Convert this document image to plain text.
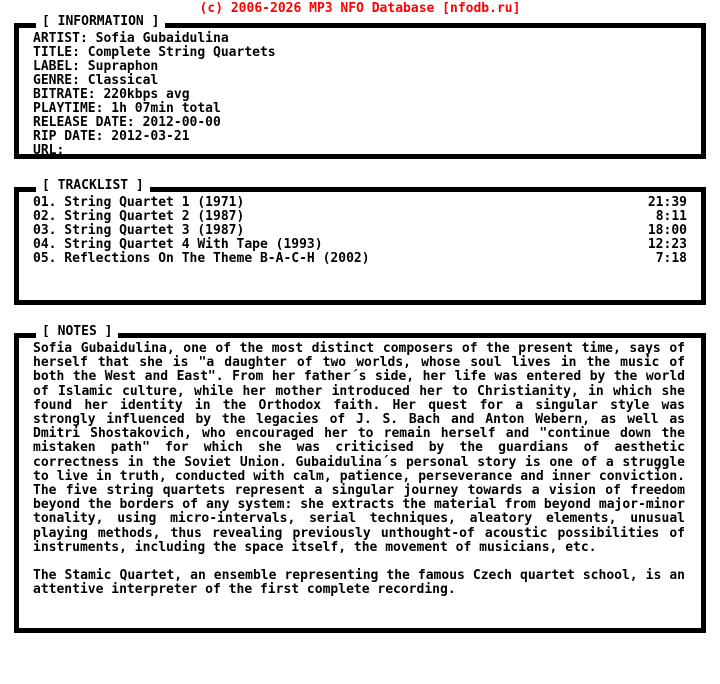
(c) 2006-2026 MP3 NFO Database [nfodb.ru]
[ INFORMATION ]
ARTIST: Sofia Gubaidulina
TITLE: Complete String Quartets
LABEL: Supraphon
GENRE: Classical
BITRATE: 220kbps avg
PLAYTIME: 1h 07min total
RELEASE DATE: 2012-00-00
RIP DATE: 2012-03-21
URL:
[ TRACKLIST ]
01. String Quartet 1 (1971)	21:39
02. String Quartet 2 (1987)	8:11
03. String Quartet 3 (1987)	18:00
04. String Quartet 4 With Tape (1993)	12:23
05. Reflections On The Theme B-A-C-H (2002)	7:18
[ NOTES ]

Sofia Gubaidulina, one of the most distinct composers of the present time, says of herself that she is "a daughter of two worlds, whose soul lives in the music of both the West and East". From her father´s side, her life was entered by the world of Islamic culture, while her mother introduced her to Christianity, in which she found her identity in the Orthodox faith. Her quest for a singular style was strongly influenced by the legacies of J. S. Bach and Anton Webern, as well as Dmitri Shostakovich, who encouraged her to remain herself and "continue down the mistaken path" for which she was criticised by the guardians of aesthetic correctness in the Soviet Union. Gubaidulina´s personal story is one of a struggle to live in truth, conducted with calm, patience, perseverance and inner conviction. The five string quartets represent a singular journey towards a vision of freedom beyond the borders of any system: she extracts the material from beyond major-minor tonality, using micro-intervals, serial techniques, aleatory elements, unusual playing methods, thus revealing previously unthought-of acoustic possibilities of instruments, including the space itself, the movement of musicians, etc.

The Stamic Quartet, an ensemble representing the famous Czech quartet school, is an attentive interpreter of the first complete recording.
